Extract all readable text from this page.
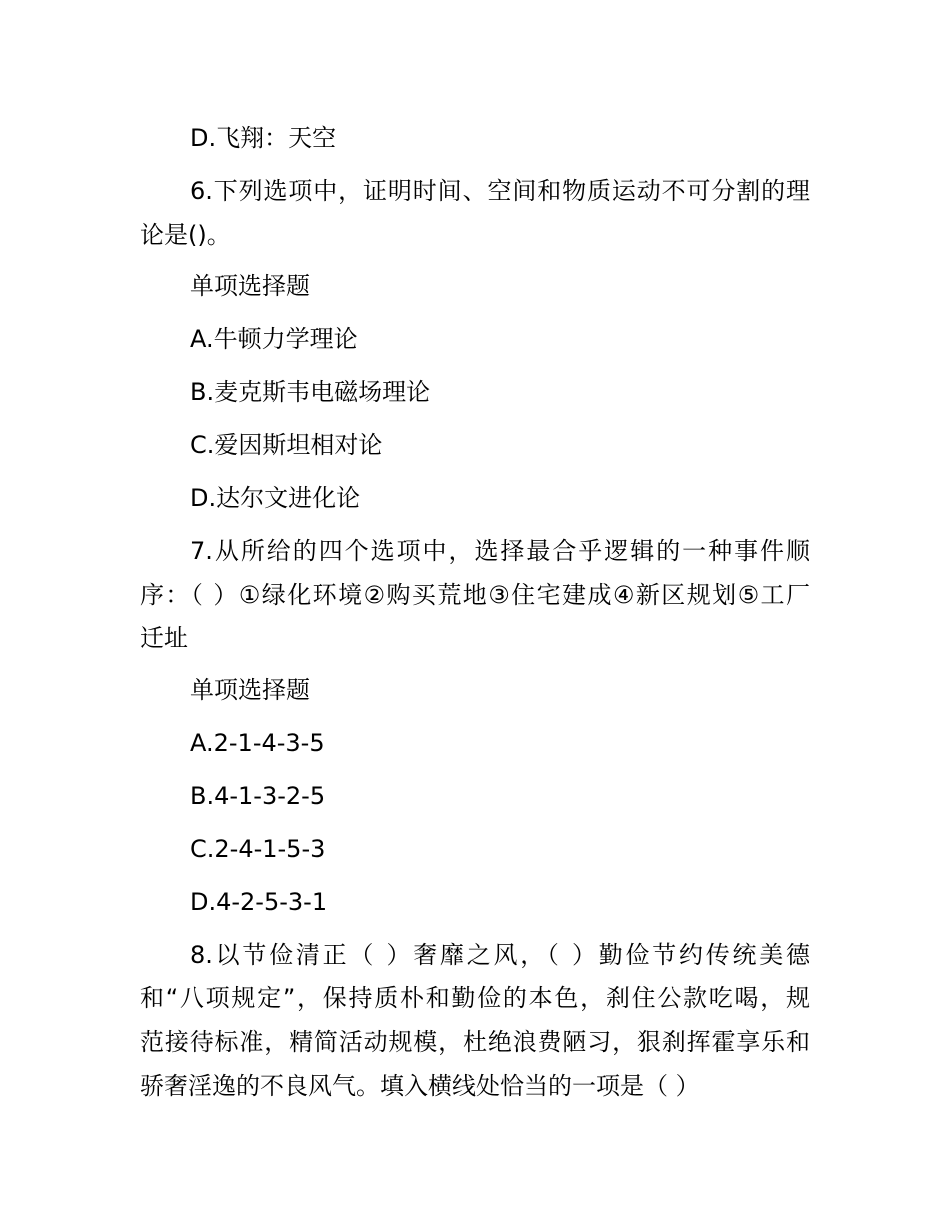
D.飞翔：天空
6.下列选项中，证明时间、空间和物质运动不可分割的理
论是()。
单项选择题
A.牛顿力学理论
B.麦克斯韦电磁场理论
C.爱因斯坦相对论
D.达尔文进化论
7.从所给的四个选项中，选择最合乎逻辑的一种事件顺
序：（ ）①绿化环境②购买荒地③住宅建成④新区规划⑤工厂
迁址
单项选择题
A.2-1-4-3-5
B.4-1-3-2-5
C.2-4-1-5-3
D.4-2-5-3-1
8.以节俭清正（ ）奢靡之风，（ ）勤俭节约传统美德
和“八项规定”，保持质朴和勤俭的本色，刹住公款吃喝，规
范接待标准，精简活动规模，杜绝浪费陋习，狠刹挥霍享乐和
骄奢淫逸的不良风气。填入横线处恰当的一项是（ ）
